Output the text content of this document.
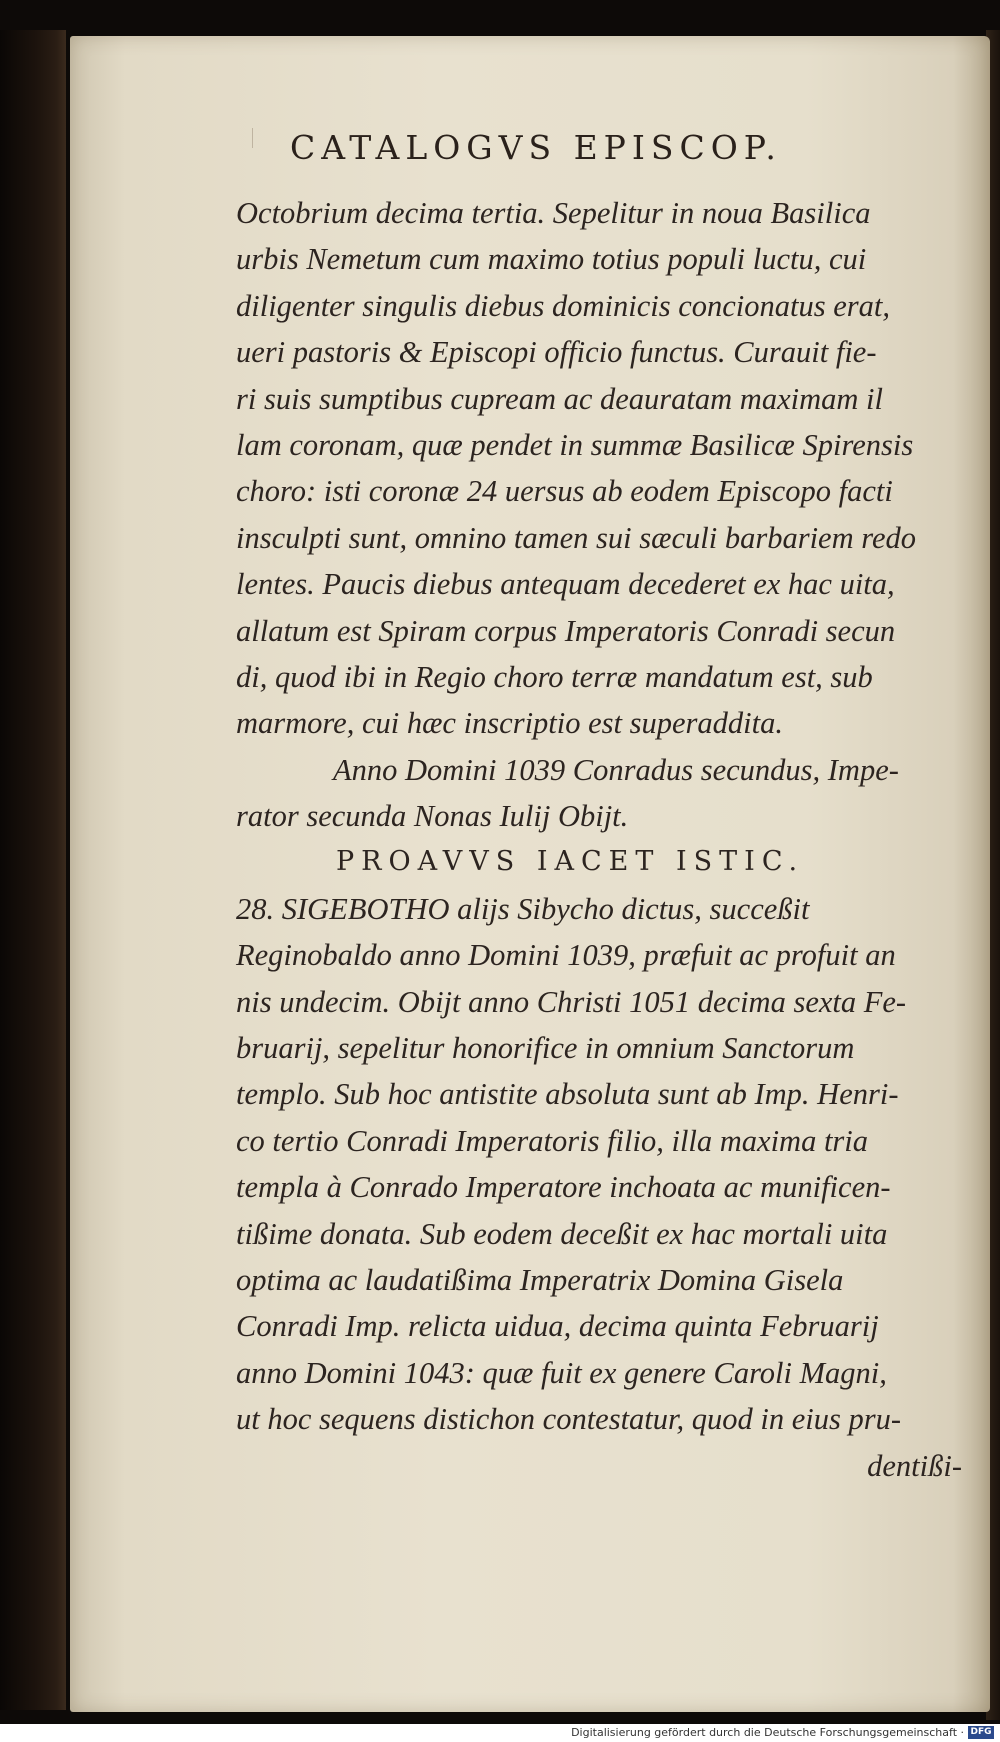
CATALOGVS EPISCOP.
Octobrium decima tertia. Sepelitur in noua Basilica
urbis Nemetum cum maximo totius populi luctu, cui
diligenter singulis diebus dominicis concionatus erat,
ueri pastoris & Episcopi officio functus. Curauit fie-
ri suis sumptibus cupream ac deauratam maximam il
lam coronam, quæ pendet in summæ Basilicæ Spirensis
choro: isti coronæ 24 uersus ab eodem Episcopo facti
insculpti sunt, omnino tamen sui sæculi barbariem redo
lentes. Paucis diebus antequam decederet ex hac uita,
allatum est Spiram corpus Imperatoris Conradi secun
di, quod ibi in Regio choro terræ mandatum est, sub
marmore, cui hæc inscriptio est superaddita.
Anno Domini 1039 Conradus secundus, Impe-
rator secunda Nonas Iulij Obijt.
PROAVVS IACET ISTIC.
28. SIGEBOTHO alijs Sibycho dictus, succeßit
Reginobaldo anno Domini 1039, præfuit ac profuit an
nis undecim. Obijt anno Christi 1051 decima sexta Fe-
bruarij, sepelitur honorifice in omnium Sanctorum
templo. Sub hoc antistite absoluta sunt ab Imp. Henri-
co tertio Conradi Imperatoris filio, illa maxima tria
templa à Conrado Imperatore inchoata ac munificen-
tißime donata. Sub eodem deceßit ex hac mortali uita
optima ac laudatißima Imperatrix Domina Gisela
Conradi Imp. relicta uidua, decima quinta Februarij
anno Domini 1043: quæ fuit ex genere Caroli Magni,
ut hoc sequens distichon contestatur, quod in eius pru-
dentißi-
Digitalisierung gefördert durch die Deutsche Forschungsgemeinschaft · DFG
